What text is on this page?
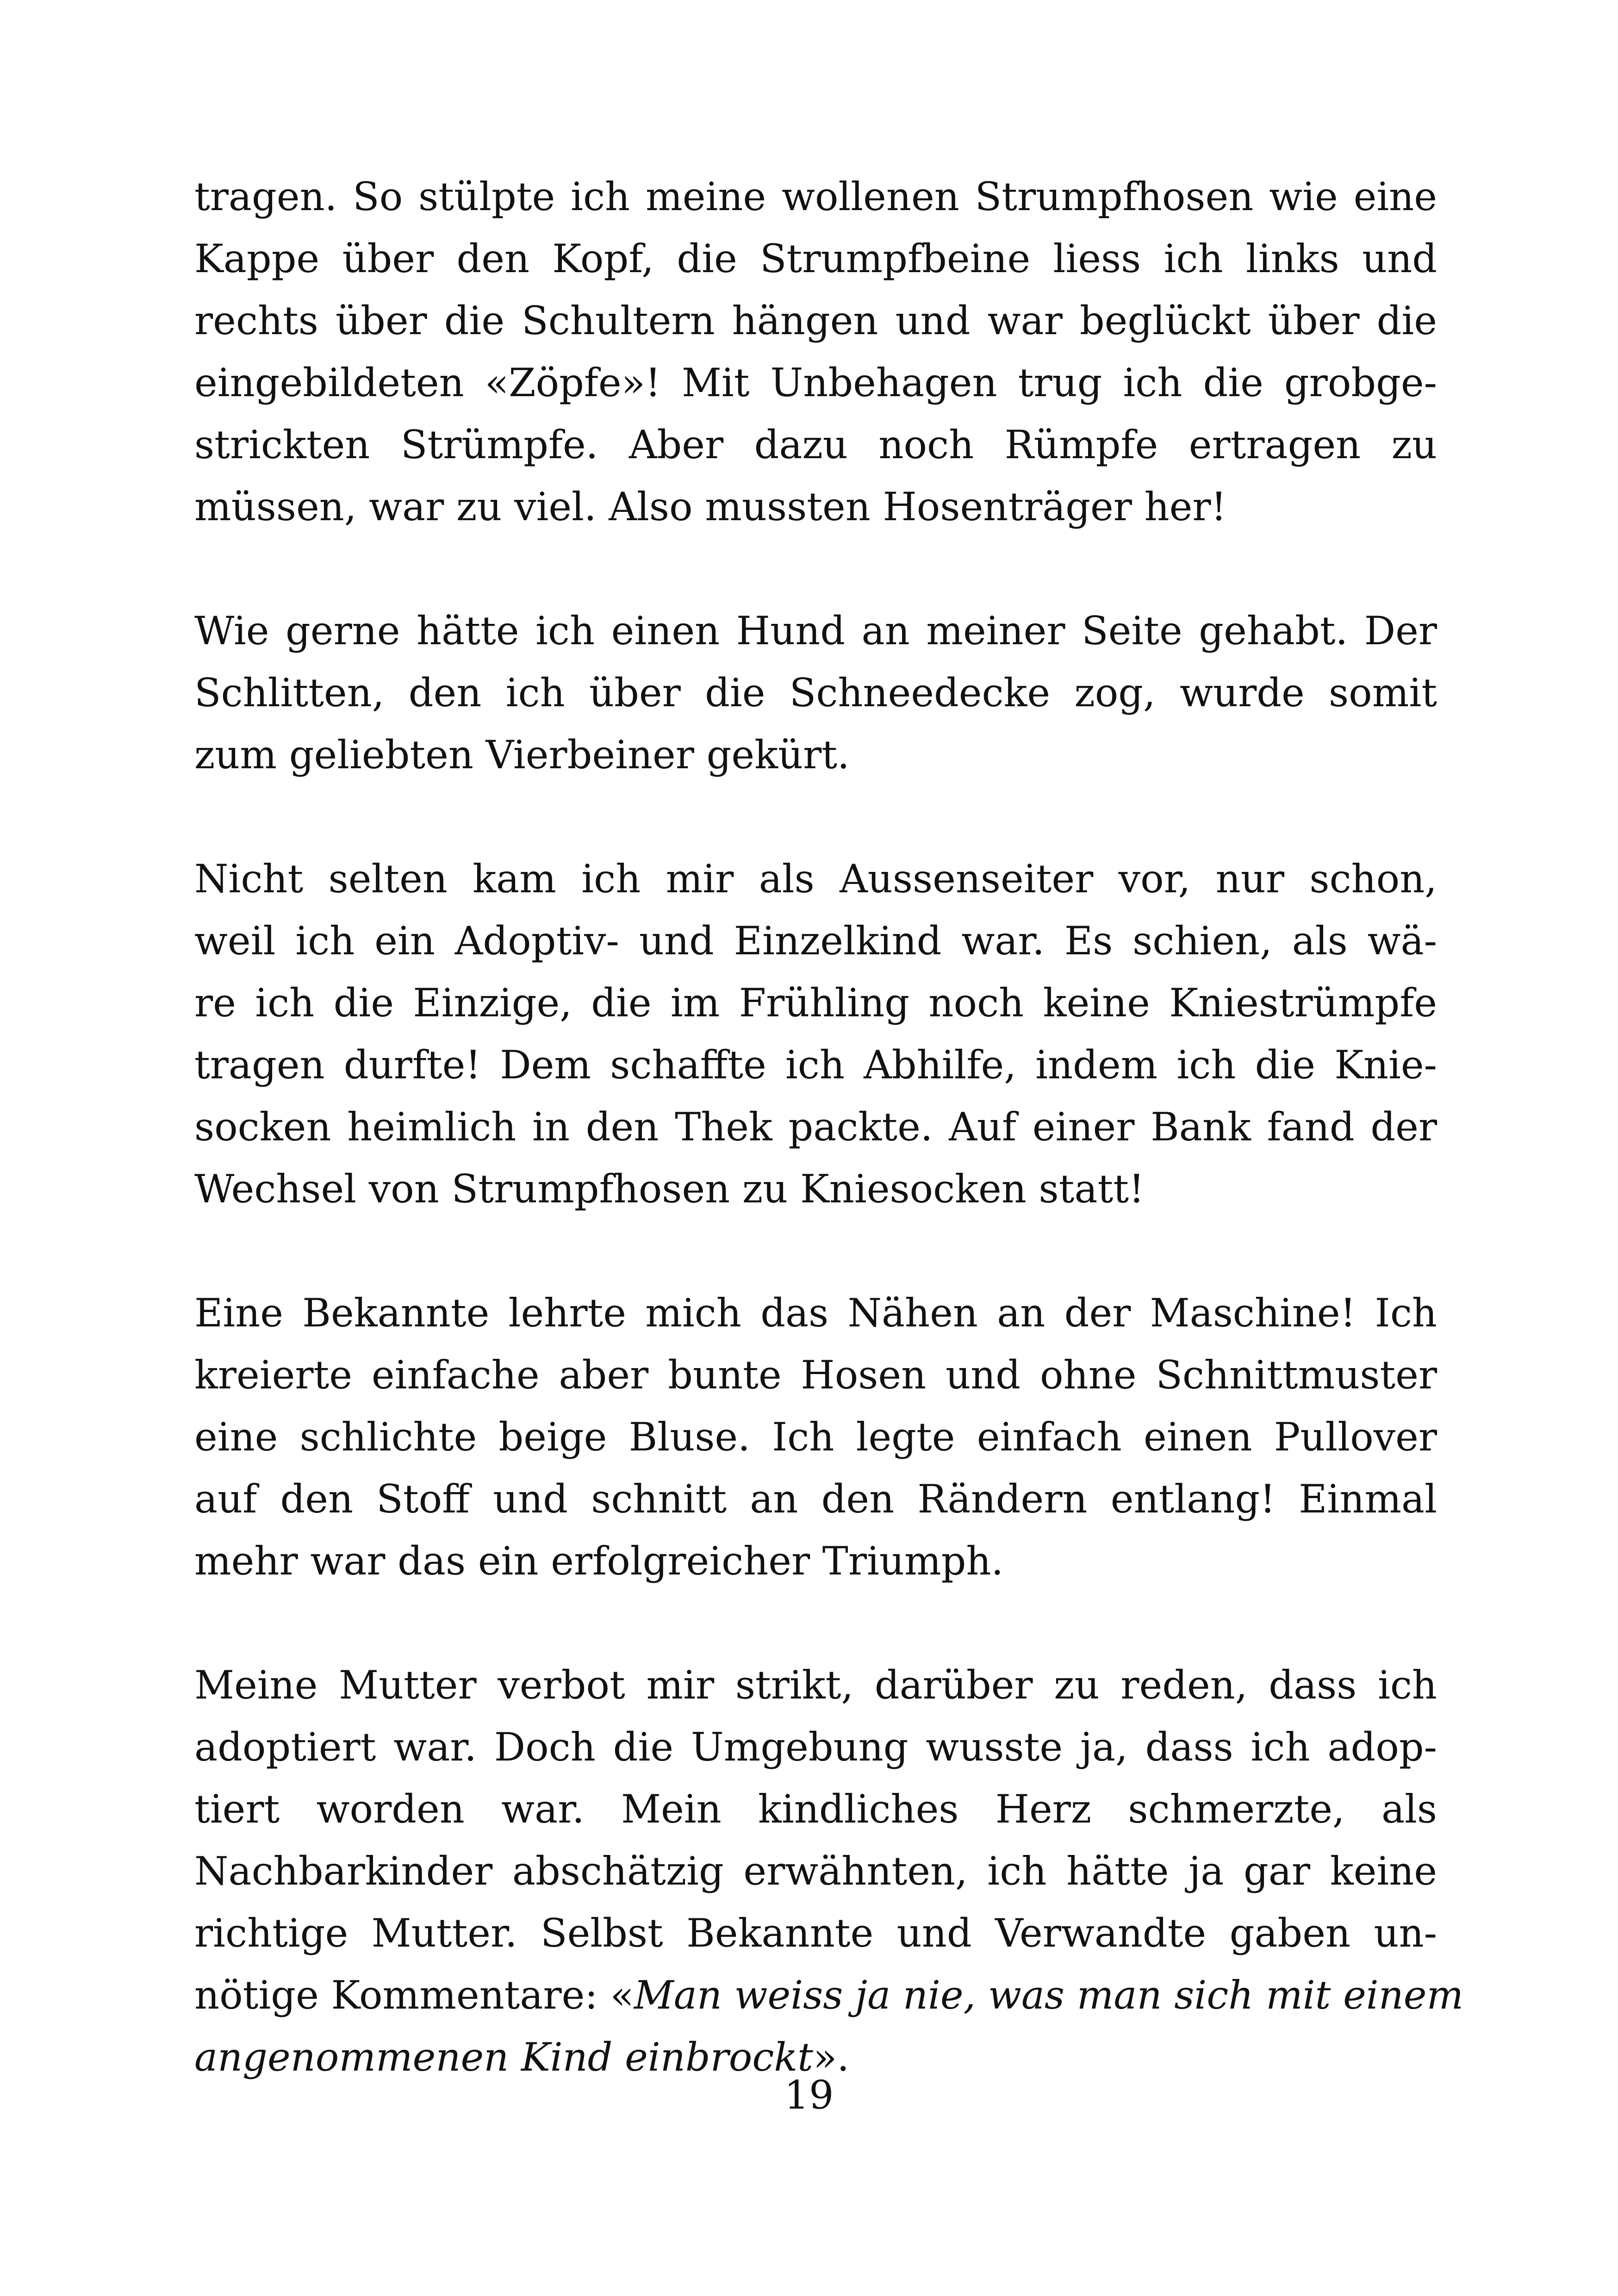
tragen. So stülpte ich meine wollenen Strumpfhosen wie eine
Kappe über den Kopf, die Strumpfbeine liess ich links und
rechts über die Schultern hängen und war beglückt über die
eingebildeten «Zöpfe»! Mit Unbehagen trug ich die grobge-
strickten Strümpfe. Aber dazu noch Rümpfe ertragen zu
müssen, war zu viel. Also mussten Hosenträger her!
Wie gerne hätte ich einen Hund an meiner Seite gehabt. Der
Schlitten, den ich über die Schneedecke zog, wurde somit
zum geliebten Vierbeiner gekürt.
Nicht selten kam ich mir als Aussenseiter vor, nur schon,
weil ich ein Adoptiv- und Einzelkind war. Es schien, als wä-
re ich die Einzige, die im Frühling noch keine Kniestrümpfe
tragen durfte! Dem schaffte ich Abhilfe, indem ich die Knie-
socken heimlich in den Thek packte. Auf einer Bank fand der
Wechsel von Strumpfhosen zu Kniesocken statt!
Eine Bekannte lehrte mich das Nähen an der Maschine! Ich
kreierte einfache aber bunte Hosen und ohne Schnittmuster
eine schlichte beige Bluse. Ich legte einfach einen Pullover
auf den Stoff und schnitt an den Rändern entlang! Einmal
mehr war das ein erfolgreicher Triumph.
Meine Mutter verbot mir strikt, darüber zu reden, dass ich
adoptiert war. Doch die Umgebung wusste ja, dass ich adop-
tiert worden war. Mein kindliches Herz schmerzte, als
Nachbarkinder abschätzig erwähnten, ich hätte ja gar keine
richtige Mutter. Selbst Bekannte und Verwandte gaben un-
nötige Kommentare: «Man weiss ja nie, was man sich mit einem
angenommenen Kind einbrockt».
19
